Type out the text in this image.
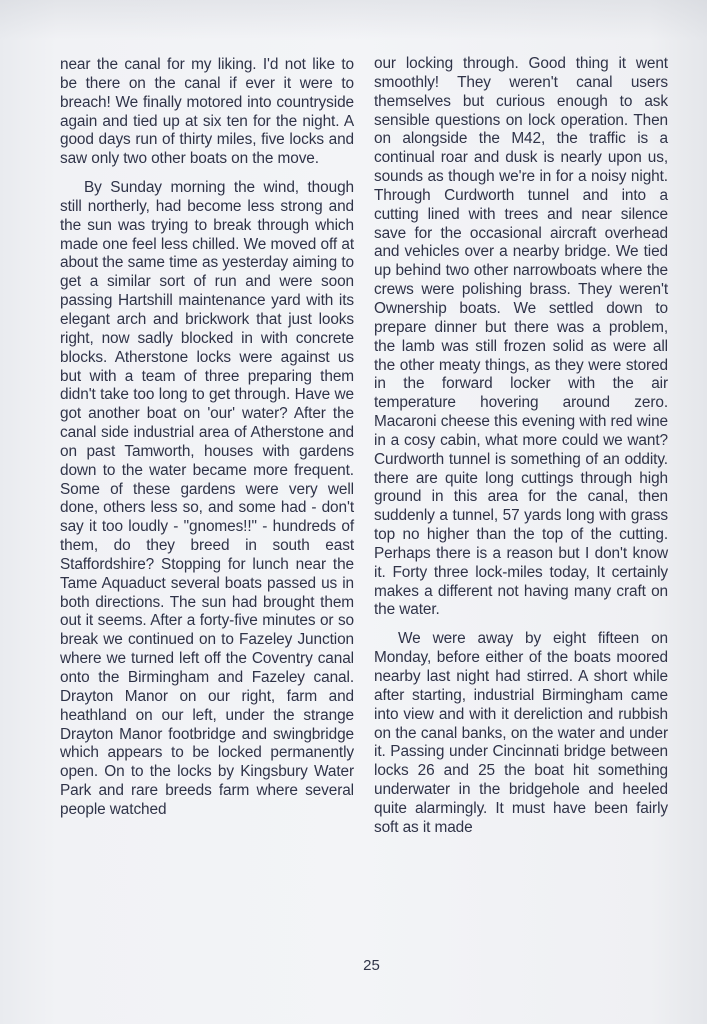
near the canal for my liking. I'd not like to be there on the canal if ever it were to breach! We finally motored into countryside again and tied up at six ten for the night. A good days run of thirty miles, five locks and saw only two other boats on the move.

By Sunday morning the wind, though still northerly, had become less strong and the sun was trying to break through which made one feel less chilled. We moved off at about the same time as yesterday aiming to get a similar sort of run and were soon passing Hartshill maintenance yard with its elegant arch and brickwork that just looks right, now sadly blocked in with concrete blocks. Atherstone locks were against us but with a team of three preparing them didn't take too long to get through. Have we got another boat on 'our' water? After the canal side industrial area of Atherstone and on past Tamworth, houses with gardens down to the water became more frequent. Some of these gardens were very well done, others less so, and some had - don't say it too loudly - "gnomes!!" - hundreds of them, do they breed in south east Staffordshire? Stopping for lunch near the Tame Aquaduct several boats passed us in both directions. The sun had brought them out it seems. After a forty-five minutes or so break we continued on to Fazeley Junction where we turned left off the Coventry canal onto the Birmingham and Fazeley canal. Drayton Manor on our right, farm and heathland on our left, under the strange Drayton Manor footbridge and swingbridge which appears to be locked permanently open. On to the locks by Kingsbury Water Park and rare breeds farm where several people watched

our locking through. Good thing it went smoothly! They weren't canal users themselves but curious enough to ask sensible questions on lock operation. Then on alongside the M42, the traffic is a continual roar and dusk is nearly upon us, sounds as though we're in for a noisy night. Through Curdworth tunnel and into a cutting lined with trees and near silence save for the occasional aircraft overhead and vehicles over a nearby bridge. We tied up behind two other narrowboats where the crews were polishing brass. They weren't Ownership boats. We settled down to prepare dinner but there was a problem, the lamb was still frozen solid as were all the other meaty things, as they were stored in the forward locker with the air temperature hovering around zero. Macaroni cheese this evening with red wine in a cosy cabin, what more could we want? Curdworth tunnel is something of an oddity. there are quite long cuttings through high ground in this area for the canal, then suddenly a tunnel, 57 yards long with grass top no higher than the top of the cutting. Perhaps there is a reason but I don't know it. Forty three lock-miles today, It certainly makes a different not having many craft on the water.

We were away by eight fifteen on Monday, before either of the boats moored nearby last night had stirred. A short while after starting, industrial Birmingham came into view and with it dereliction and rubbish on the canal banks, on the water and under it. Passing under Cincinnati bridge between locks 26 and 25 the boat hit something underwater in the bridgehole and heeled quite alarmingly. It must have been fairly soft as it made

25
